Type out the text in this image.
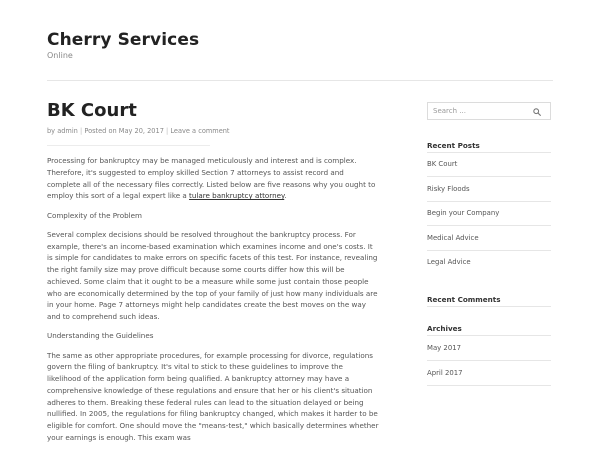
Cherry Services
Online
BK Court
by admin | Posted on May 20, 2017 | Leave a comment

Processing for bankruptcy may be managed meticulously and interest and is complex. Therefore, it's suggested to employ skilled Section 7 attorneys to assist record and complete all of the necessary files correctly. Listed below are five reasons why you ought to employ this sort of a legal expert like a tulare bankruptcy attorney.

Complexity of the Problem

Several complex decisions should be resolved throughout the bankruptcy process. For example, there's an income-based examination which examines income and one's costs. It is simple for candidates to make errors on specific facets of this test. For instance, revealing the right family size may prove difficult because some courts differ how this will be achieved. Some claim that it ought to be a measure while some just contain those people who are economically determined by the top of your family of just how many individuals are in your home. Page 7 attorneys might help candidates create the best moves on the way and to comprehend such ideas.

Understanding the Guidelines

The same as other appropriate procedures, for example processing for divorce, regulations govern the filing of bankruptcy. It's vital to stick to these guidelines to improve the likelihood of the application form being qualified. A bankruptcy attorney may have a comprehensive knowledge of these regulations and ensure that her or his client's situation adheres to them. Breaking these federal rules can lead to the situation delayed or being nullified. In 2005, the regulations for filing bankruptcy changed, which makes it harder to be eligible for comfort. One should move the "means-test," which basically determines whether your earnings is enough. This exam was

Search ...
Recent Posts
BK Court
Risky Floods
Begin your Company
Medical Advice
Legal Advice
Recent Comments
Archives
May 2017
April 2017
